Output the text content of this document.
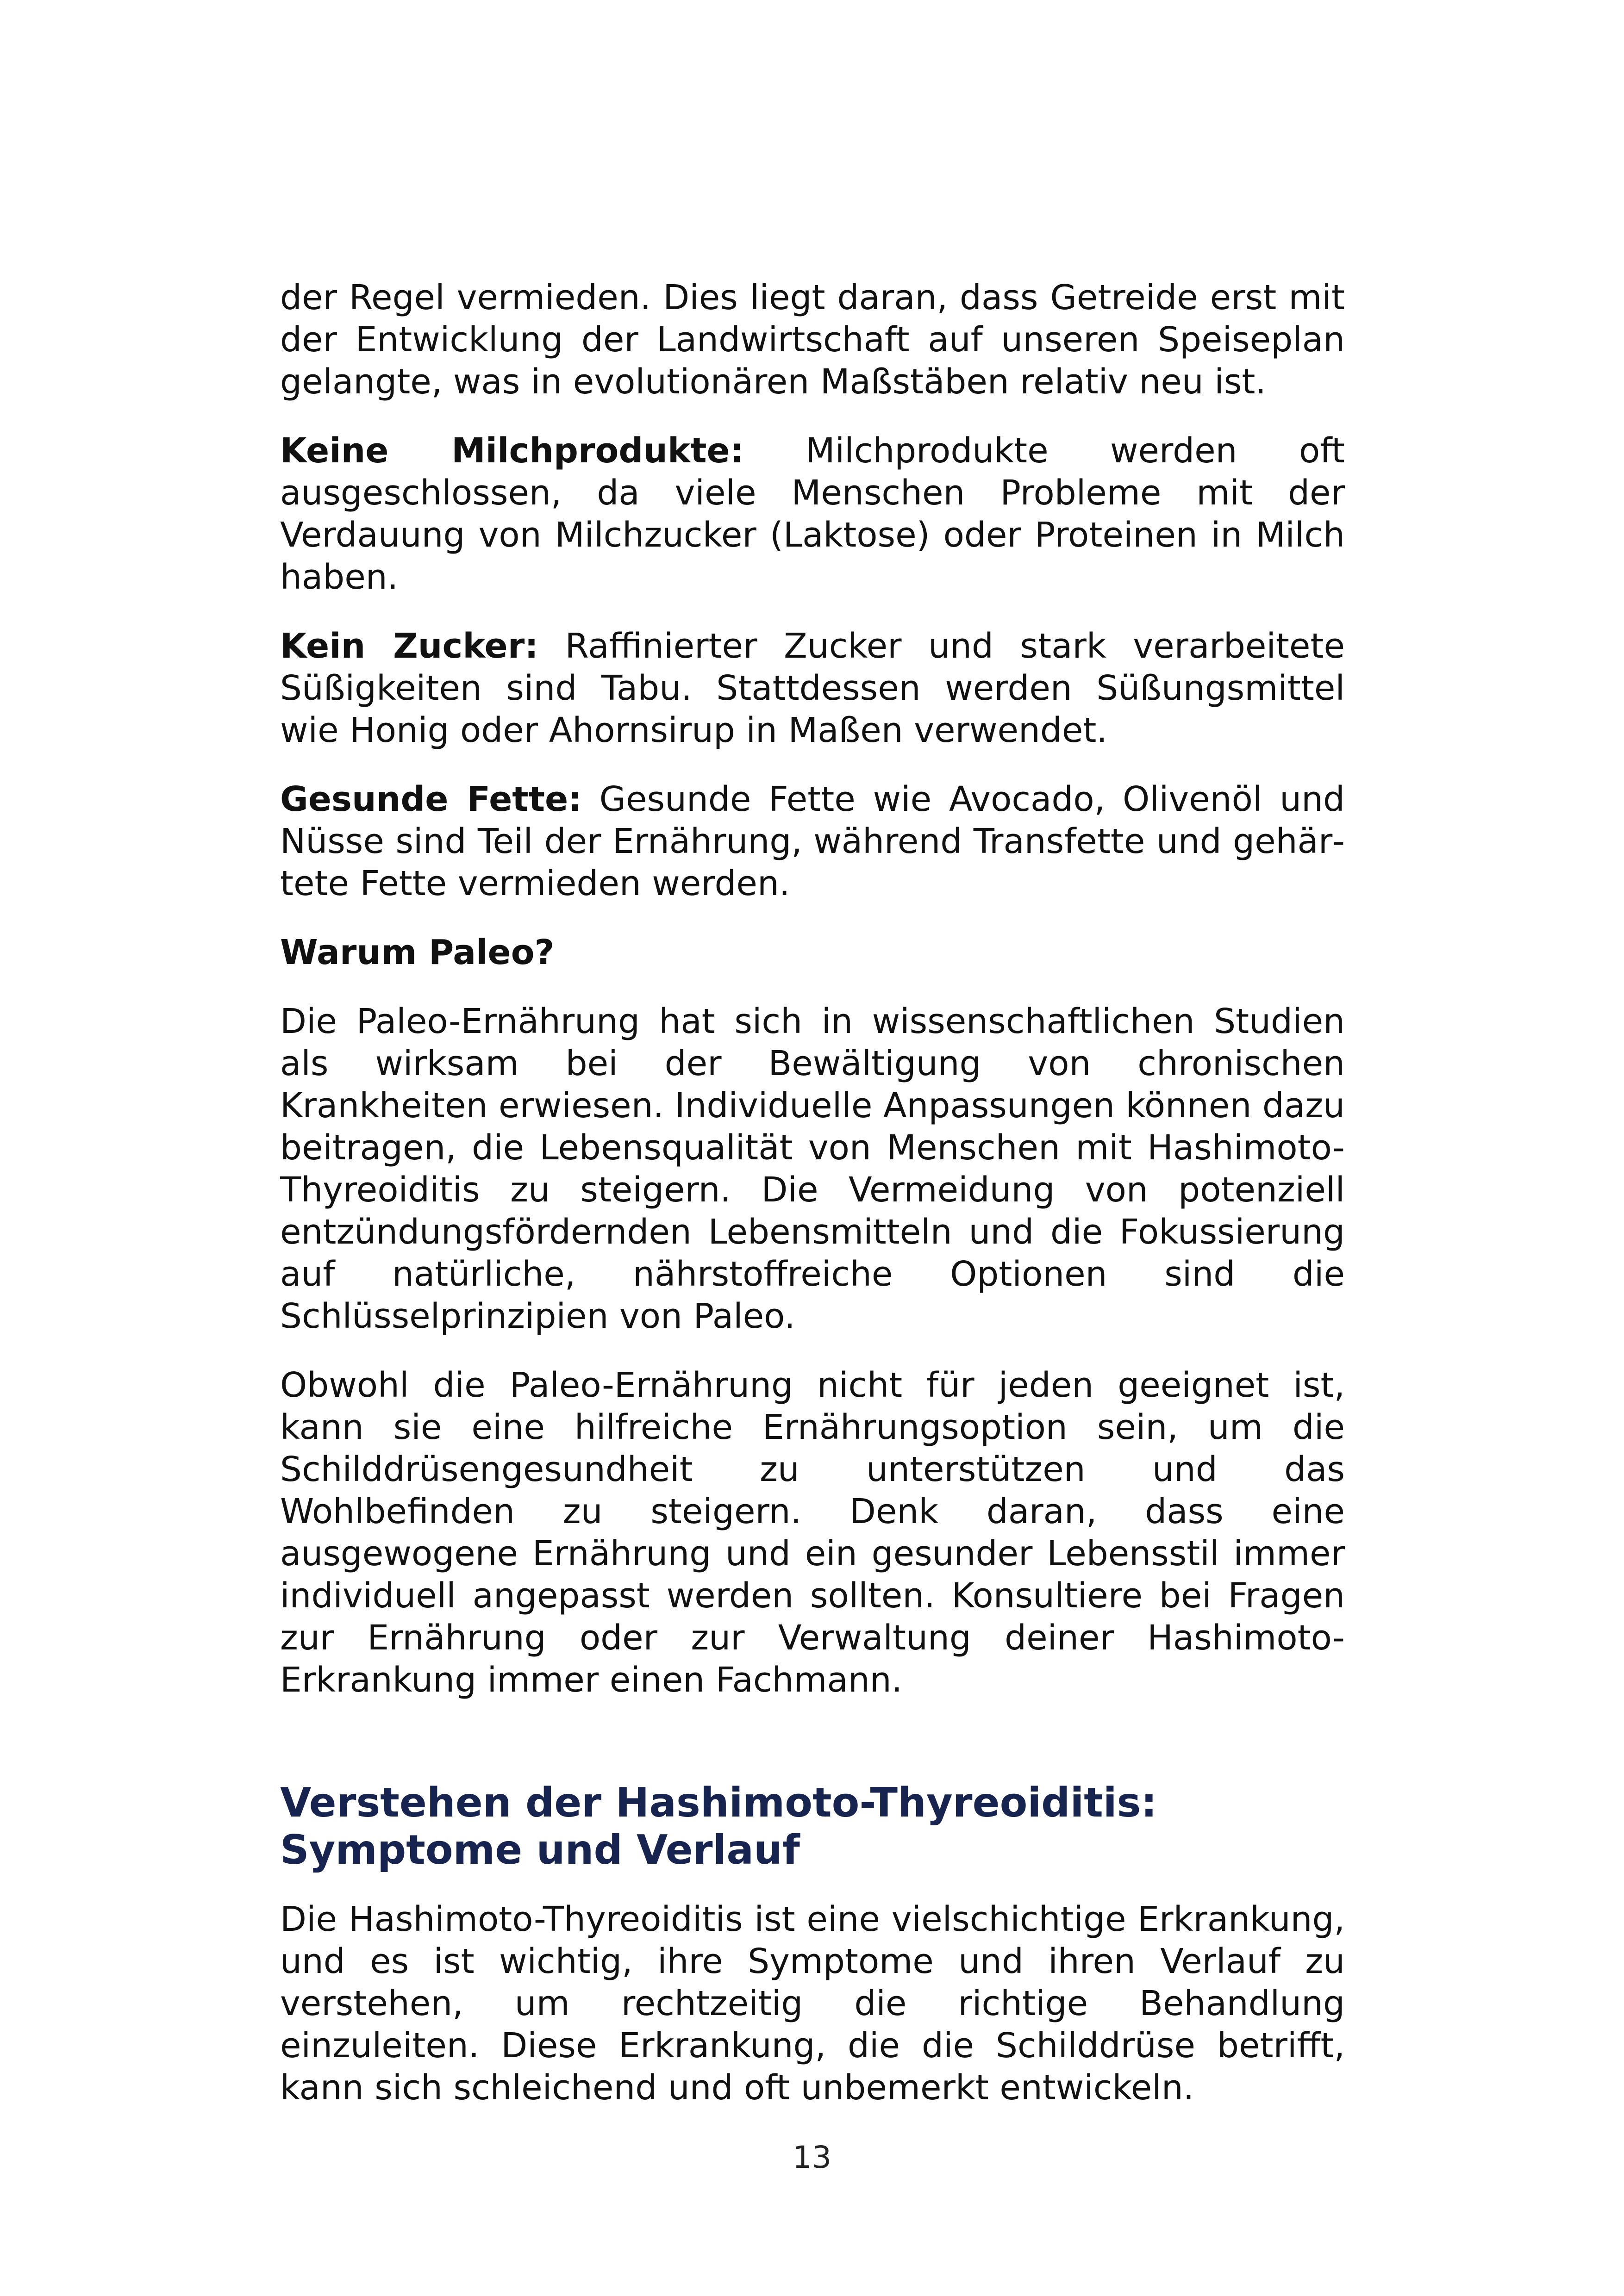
der Regel vermieden. Dies liegt daran, dass Getreide erst mit der Entwicklung der Landwirtschaft auf unseren Speiseplan gelangte, was in evolutionären Maßstäben relativ neu ist.

Keine Milchprodukte: Milchprodukte werden oft ausgeschlossen, da viele Menschen Probleme mit der Verdauung von Milchzucker (Laktose) oder Proteinen in Milch haben.

Kein Zucker: Raffinierter Zucker und stark verarbeitete Süßigkeiten sind Tabu. Stattdessen werden Süßungsmittel wie Honig oder Ahornsirup in Maßen verwendet.

Gesunde Fette: Gesunde Fette wie Avocado, Olivenöl und Nüsse sind Teil der Ernährung, während Transfette und gehärtete Fette vermieden werden.

Warum Paleo?

Die Paleo-Ernährung hat sich in wissenschaftlichen Studien als wirksam bei der Bewältigung von chronischen Krankheiten erwiesen. Individuelle Anpassungen können dazu beitragen, die Lebensqualität von Menschen mit Hashimoto-Thyreoiditis zu steigern. Die Vermeidung von potenziell entzündungsfördernden Lebensmitteln und die Fokussierung auf natürliche, nährstoffreiche Optionen sind die Schlüsselprinzipien von Paleo.

Obwohl die Paleo-Ernährung nicht für jeden geeignet ist, kann sie eine hilfreiche Ernährungsoption sein, um die Schilddrüsengesundheit zu unterstützen und das Wohlbefinden zu steigern. Denk daran, dass eine ausgewogene Ernährung und ein gesunder Lebensstil immer individuell angepasst werden sollten. Konsultiere bei Fragen zur Ernährung oder zur Verwaltung deiner Hashimoto-Erkrankung immer einen Fachmann.

Verstehen der Hashimoto-Thyreoiditis: Symptome und Verlauf

Die Hashimoto-Thyreoiditis ist eine vielschichtige Erkrankung, und es ist wichtig, ihre Symptome und ihren Verlauf zu verstehen, um rechtzeitig die richtige Behandlung einzuleiten. Diese Erkrankung, die die Schilddrüse betrifft, kann sich schleichend und oft unbemerkt entwickeln.

13
